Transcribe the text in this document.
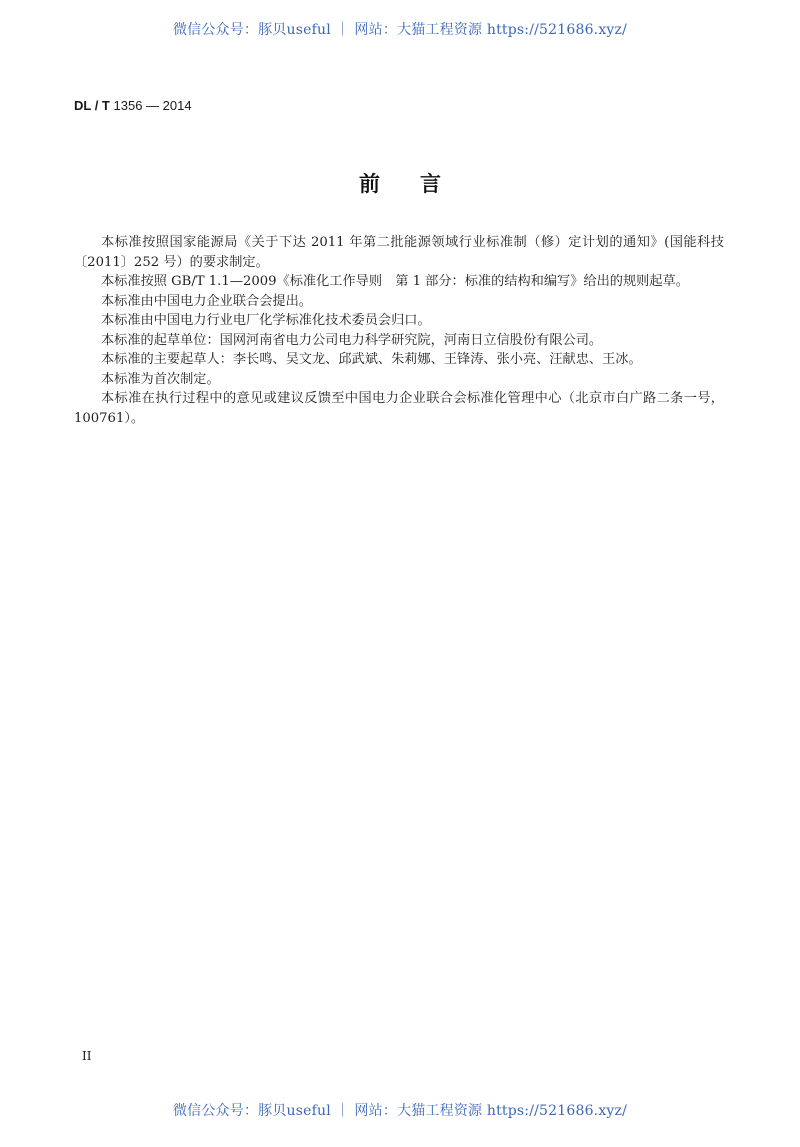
微信公众号：豚贝useful ｜ 网站：大猫工程资源 https://521686.xyz/
DL / T 1356 — 2014
前言

本标准按照国家能源局《关于下达 2011 年第二批能源领域行业标准制（修）定计划的通知》(国能科技〔2011〕252 号）的要求制定。

本标准按照 GB/T 1.1—2009《标准化工作导则　第 1 部分：标准的结构和编写》给出的规则起草。

本标准由中国电力企业联合会提出。

本标准由中国电力行业电厂化学标准化技术委员会归口。

本标准的起草单位：国网河南省电力公司电力科学研究院，河南日立信股份有限公司。

本标准的主要起草人：李长鸣、吴文龙、邱武斌、朱莉娜、王锋涛、张小亮、汪献忠、王冰。

本标准为首次制定。

本标准在执行过程中的意见或建议反馈至中国电力企业联合会标准化管理中心（北京市白广路二条一号，100761）。

II
微信公众号：豚贝useful ｜ 网站：大猫工程资源 https://521686.xyz/
